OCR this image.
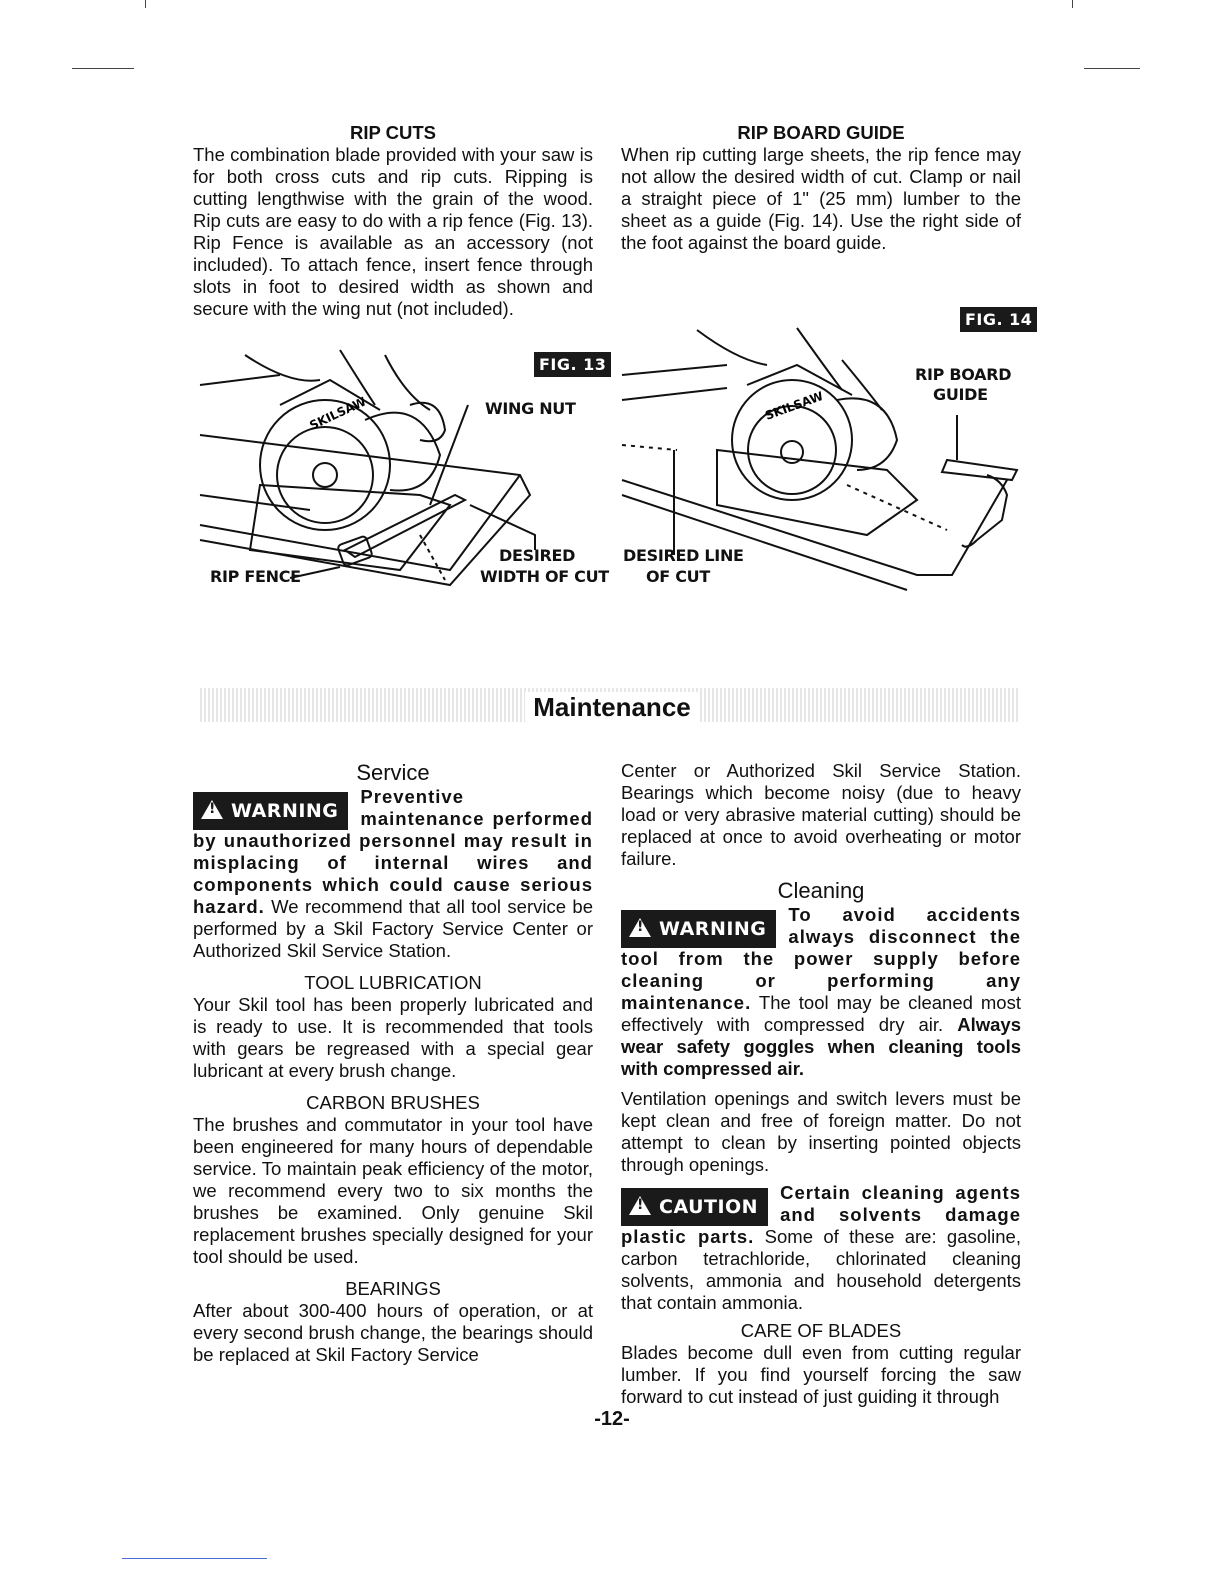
RIP CUTS

The combination blade provided with your saw is for both cross cuts and rip cuts. Ripping is cutting lengthwise with the grain of the wood. Rip cuts are easy to do with a rip fence (Fig. 13). Rip Fence is available as an accessory (not included). To attach fence, insert fence through slots in foot to desired width as shown and secure with the wing nut (not included).

RIP BOARD GUIDE

When rip cutting large sheets, the rip fence may not allow the desired width of cut. Clamp or nail a straight piece of 1" (25 mm) lumber to the sheet as a guide (Fig. 14). Use the right side of the foot against the board guide.

SKILSAW
FIG. 13
WING NUT
DESIRED
WIDTH OF CUT
RIP FENCE
SKILSAW
FIG. 14
RIP BOARD
GUIDE
DESIRED LINE
OF CUT
Maintenance
Service

!WARNING
Preventive maintenance performed by unauthorized personnel may result in misplacing of internal wires and components which could cause serious hazard. We recommend that all tool service be performed by a Skil Factory Service Center or Authorized Skil Service Station.

TOOL LUBRICATION

Your Skil tool has been properly lubricated and is ready to use. It is recommended that tools with gears be regreased with a special gear lubricant at every brush change.

CARBON BRUSHES

The brushes and commutator in your tool have been engineered for many hours of dependable service. To maintain peak efficiency of the motor, we recommend every two to six months the brushes be examined. Only genuine Skil replacement brushes specially designed for your tool should be used.

BEARINGS

After about 300-400 hours of operation, or at every second brush change, the bearings should be replaced at Skil Factory Service

Center or Authorized Skil Service Station. Bearings which become noisy (due to heavy load or very abrasive material cutting) should be replaced at once to avoid overheating or motor failure.

Cleaning

!WARNING
To avoid accidents always disconnect the tool from the power supply before cleaning or performing any maintenance. The tool may be cleaned most effectively with compressed dry air. Always wear safety goggles when cleaning tools with compressed air.

Ventilation openings and switch levers must be kept clean and free of foreign matter. Do not attempt to clean by inserting pointed objects through openings.

!CAUTION
Certain cleaning agents and solvents damage plastic parts. Some of these are: gasoline, carbon tetrachloride, chlorinated cleaning solvents, ammonia and household detergents that contain ammonia.

CARE OF BLADES

Blades become dull even from cutting regular lumber. If you find yourself forcing the saw forward to cut instead of just guiding it through

-12-
